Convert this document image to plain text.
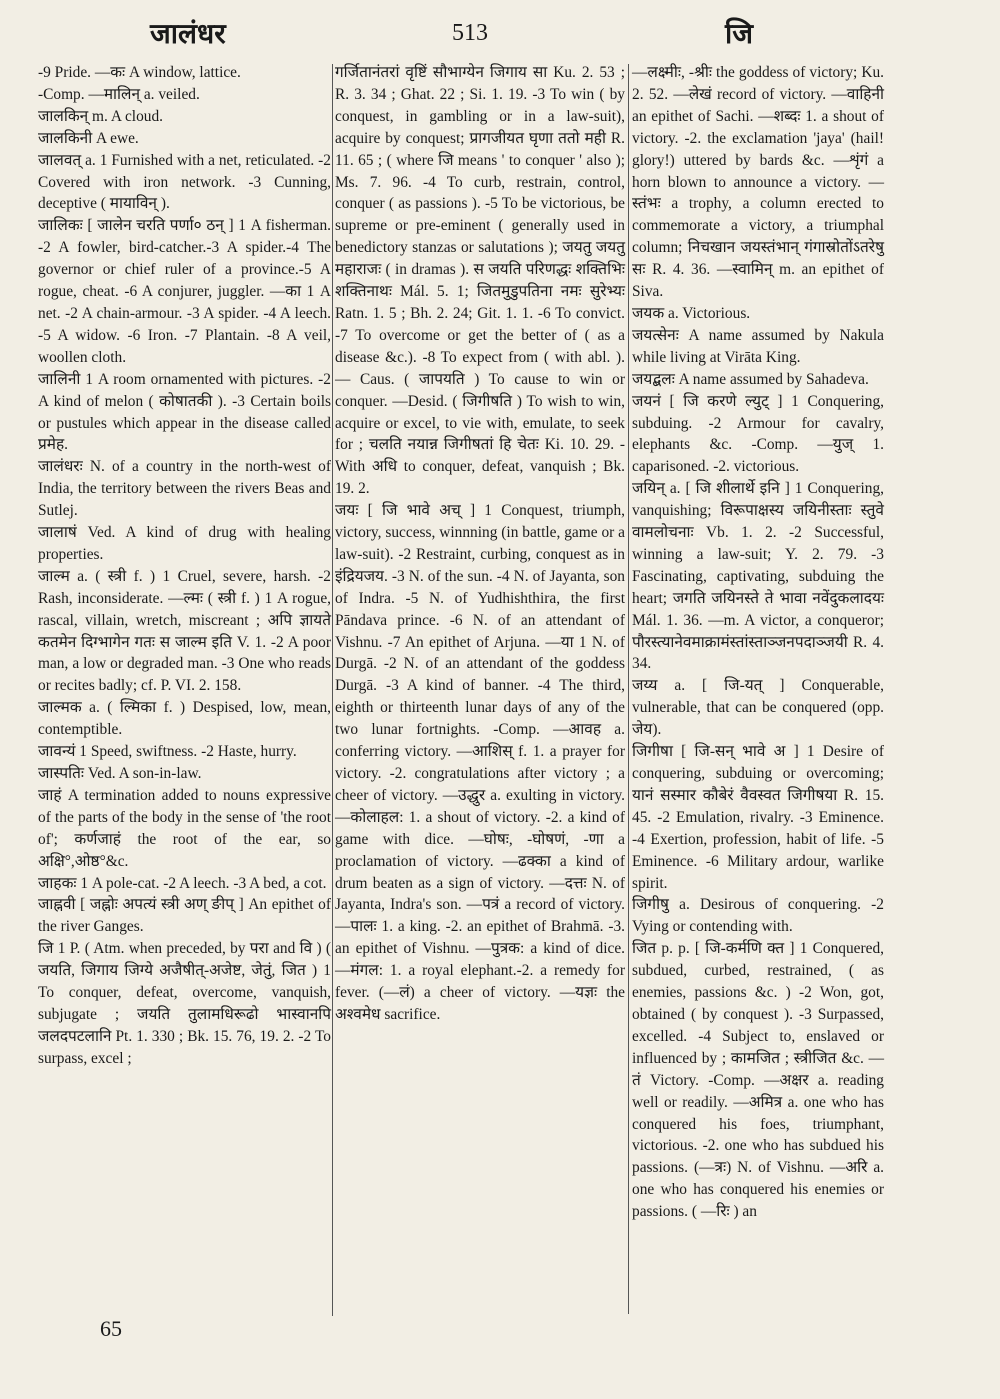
जालंधर	513	जि

-9 Pride. —कः A window, lattice.

-Comp. —मालिन् a. veiled.

जालकिन् m. A cloud.

जालकिनी A ewe.

जालवत् a. 1 Furnished with a net, reticulated. -2 Covered with iron network. -3 Cunning, deceptive ( मायाविन् ).

जालिकः [ जालेन चरति पर्णा० ठन् ] 1 A fisherman. -2 A fowler, bird-catcher.-3 A spider.-4 The governor or chief ruler of a province.-5 A rogue, cheat. -6 A conjurer, juggler. —का 1 A net. -2 A chain-armour. -3 A spider. -4 A leech. -5 A widow. -6 Iron. -7 Plantain. -8 A veil, woollen cloth.

जालिनी 1 A room ornamented with pictures. -2 A kind of melon ( कोषातकी ). -3 Certain boils or pustules which appear in the disease called प्रमेह.

जालंधरः N. of a country in the north-west of India, the territory between the rivers Beas and Sutlej.

जालाषं Ved. A kind of drug with healing properties.

जाल्म a. ( स्त्री f. ) 1 Cruel, severe, harsh. -2 Rash, inconsiderate. —ल्मः ( स्त्री f. ) 1 A rogue, rascal, villain, wretch, miscreant ; अपि ज्ञायते कतमेन दिग्भागेन गतः स जाल्म इति V. 1. -2 A poor man, a low or degraded man. -3 One who reads or recites badly; cf. P. VI. 2. 158.

जाल्मक a. ( ल्मिका f. ) Despised, low, mean, contemptible.

जावन्यं 1 Speed, swiftness. -2 Haste, hurry.

जास्पतिः Ved. A son-in-law.

जाहं A termination added to nouns expressive of the parts of the body in the sense of 'the root of'; कर्णजाहं the root of the ear, so अक्षि°,ओष्ठ°&c.

जाहकः 1 A pole-cat. -2 A leech. -3 A bed, a cot.

जाह्नवी [ जह्नोः अपत्यं स्त्री अण् ङीप् ] An epithet of the river Ganges.

जि 1 P. ( Atm. when preceded, by परा and वि ) ( जयति, जिगाय जिग्ये अजैषीत्-अजेष्ट, जेतुं, जित ) 1 To conquer, defeat, overcome, vanquish, subjugate ; जयति तुलामधिरूढो भास्वानपि जलदपटलानि Pt. 1. 330 ; Bk. 15. 76, 19. 2. -2 To surpass, excel ;

गर्जितानंतरां वृष्टिं सौभाग्येन जिगाय सा Ku. 2. 53 ; R. 3. 34 ; Ghat. 22 ; Si. 1. 19. -3 To win ( by conquest, in gambling or in a law-suit), acquire by conquest; प्रागजीयत घृणा ततो मही R. 11. 65 ; ( where जि means ' to conquer ' also ); Ms. 7. 96. -4 To curb, restrain, control, conquer ( as passions ). -5 To be victorious, be supreme or pre-eminent ( generally used in benedictory stanzas or salutations ); जयतु जयतु महाराजः ( in dramas ). स जयति परिणद्धः शक्तिभिः शक्तिनाथः Mál. 5. 1; जितमुडुपतिना नमः सुरेभ्यः Ratn. 1. 5 ; Bh. 2. 24; Git. 1. 1. -6 To convict. -7 To overcome or get the better of ( as a disease &c.). -8 To expect from ( with abl. ). — Caus. ( जापयति ) To cause to win or conquer. —Desid. ( जिगीषति ) To wish to win, acquire or excel, to vie with, emulate, to seek for ; चलति नयान्न जिगीषतां हि चेतः Ki. 10. 29. -With अधि to conquer, defeat, vanquish ; Bk. 19. 2.

जयः [ जि भावे अच् ] 1 Conquest, triumph, victory, success, winnning (in battle, game or a law-suit). -2 Restraint, curbing, conquest as in इंद्रियजय. -3 N. of the sun. -4 N. of Jayanta, son of Indra. -5 N. of Yudhishthira, the first Pāndava prince. -6 N. of an attendant of Vishnu. -7 An epithet of Arjuna. —या 1 N. of Durgā. -2 N. of an attendant of the goddess Durgā. -3 A kind of banner. -4 The third, eighth or thirteenth lunar days of any of the two lunar fortnights. -Comp. —आवह a. conferring victory. —आशिस् f. 1. a prayer for victory. -2. congratulations after victory ; a cheer of victory. —उद्धुर a. exulting in victory. —कोलाहल: 1. a shout of victory. -2. a kind of game with dice. —घोषः, -घोषणं, -णा a proclamation of victory. —ढक्का a kind of drum beaten as a sign of victory. —दत्तः N. of Jayanta, Indra's son. —पत्रं a record of victory. —पालः 1. a king. -2. an epithet of Brahmā. -3. an epithet of Vishnu. —पुत्रक: a kind of dice. —मंगल: 1. a royal elephant.-2. a remedy for fever. (—लं) a cheer of victory. —यज्ञः the अश्वमेध sacrifice.

—लक्ष्मीः, -श्रीः the goddess of victory; Ku. 2. 52. —लेखं record of victory. —वाहिनी an epithet of Sachi. —शब्दः 1. a shout of victory. -2. the exclamation 'jaya' (hail! glory!) uttered by bards &c. —शृंगं a horn blown to announce a victory. —स्तंभः a trophy, a column erected to commemorate a victory, a triumphal column; निचखान जयस्तंभान् गंगास्रोतोंऽतरेषु सः R. 4. 36. —स्वामिन् m. an epithet of Siva.

जयक a. Victorious.

जयत्सेनः A name assumed by Nakula while living at Virāta King.

जयद्बलः A name assumed by Sahadeva.

जयनं [ जि करणे ल्युट् ] 1 Conquering, subduing. -2 Armour for cavalry, elephants &c. -Comp. —युज् 1. caparisoned. -2. victorious.

जयिन् a. [ जि शीलार्थे इनि ] 1 Conquering, vanquishing; विरूपाक्षस्य जयिनीस्ताः स्तुवे वामलोचनाः Vb. 1. 2. -2 Successful, winning a law-suit; Y. 2. 79. -3 Fascinating, captivating, subduing the heart; जगति जयिनस्ते ते भावा नवेंदुकलादयः Mál. 1. 36. —m. A victor, a conqueror; पौरस्त्यानेवमाक्रामंस्तांस्ताञ्जनपदाञ्जयी R. 4. 34.

जय्य a. [ जि-यत् ] Conquerable, vulnerable, that can be conquered (opp. जेय).

जिगीषा [ जि-सन् भावे अ ] 1 Desire of conquering, subduing or overcoming; यानं सस्मार कौबेरं वैवस्वत जिगीषया R. 15. 45. -2 Emulation, rivalry. -3 Eminence. -4 Exertion, profession, habit of life. -5 Eminence. -6 Military ardour, warlike spirit.

जिगीषु a. Desirous of conquering. -2 Vying or contending with.

जित p. p. [ जि-कर्मणि क्त ] 1 Conquered, subdued, curbed, restrained, ( as enemies, passions &c. ) -2 Won, got, obtained ( by conquest ). -3 Surpassed, excelled. -4 Subject to, enslaved or influenced by ; कामजित ; स्त्रीजित &c. —तं Victory. -Comp. —अक्षर a. reading well or readily. —अमित्र a. one who has conquered his foes, triumphant, victorious. -2. one who has subdued his passions. (—त्रः) N. of Vishnu. —अरि a. one who has conquered his enemies or passions. ( —रिः ) an

65
